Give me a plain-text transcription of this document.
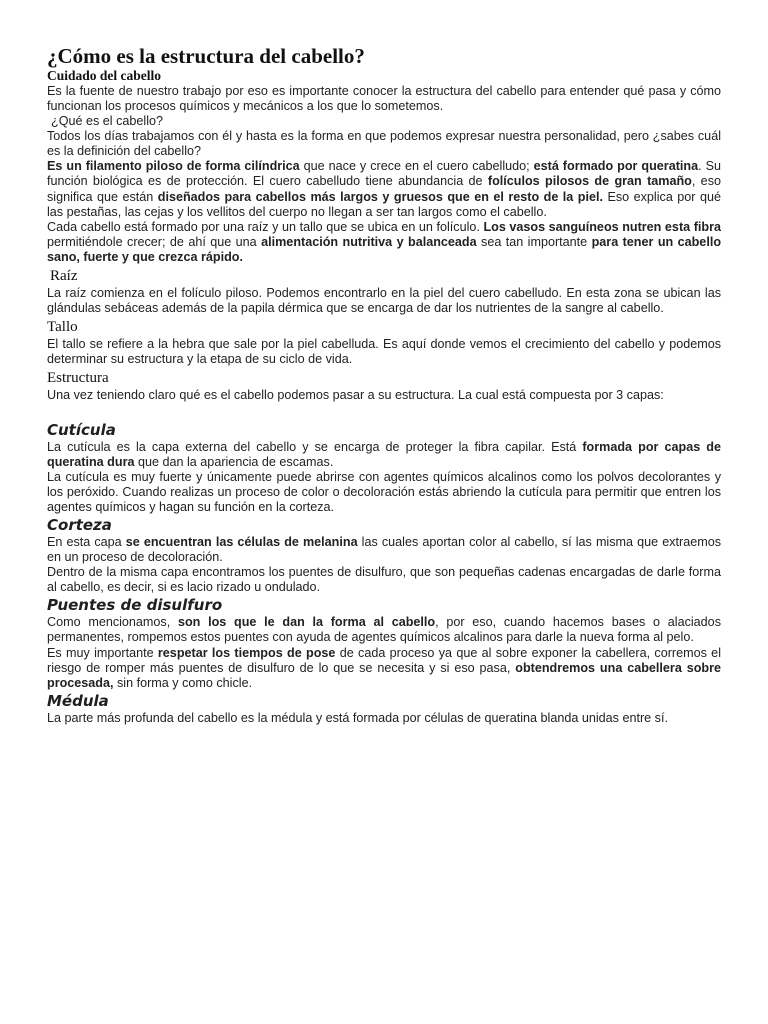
¿Cómo es la estructura del cabello?
Cuidado del cabello

Es la fuente de nuestro trabajo por eso es importante conocer la estructura del cabello para entender qué pasa y cómo funcionan los procesos químicos y mecánicos a los que lo sometemos.

¿Qué es el cabello?

Todos los días trabajamos con él y hasta es la forma en que podemos expresar nuestra personalidad, pero ¿sabes cuál es la definición del cabello?

Es un filamento piloso de forma cilíndrica que nace y crece en el cuero cabelludo; está formado por queratina. Su función biológica es de protección. El cuero cabelludo tiene abundancia de folículos pilosos de gran tamaño, eso significa que están diseñados para cabellos más largos y gruesos que en el resto de la piel. Eso explica por qué las pestañas, las cejas y los vellitos del cuerpo no llegan a ser tan largos como el cabello.

Cada cabello está formado por una raíz y un tallo que se ubica en un folículo. Los vasos sanguíneos nutren esta fibra permitiéndole crecer; de ahí que una alimentación nutritiva y balanceada sea tan importante para tener un cabello sano, fuerte y que crezca rápido.

Raíz

La raíz comienza en el folículo piloso. Podemos encontrarlo en la piel del cuero cabelludo. En esta zona se ubican las glándulas sebáceas además de la papila dérmica que se encarga de dar los nutrientes de la sangre al cabello.

Tallo

El tallo se refiere a la hebra que sale por la piel cabelluda. Es aquí donde vemos el crecimiento del cabello y podemos determinar su estructura y la etapa de su ciclo de vida.

Estructura

Una vez teniendo claro qué es el cabello podemos pasar a su estructura. La cual está compuesta por 3 capas:

Cutícula

La cutícula es la capa externa del cabello y se encarga de proteger la fibra capilar. Está formada por capas de queratina dura que dan la apariencia de escamas.

La cutícula es muy fuerte y únicamente puede abrirse con agentes químicos alcalinos como los polvos decolorantes y los peróxido. Cuando realizas un proceso de color o decoloración estás abriendo la cutícula para permitir que entren los agentes químicos y hagan su función en la corteza.

Corteza

En esta capa se encuentran las células de melanina las cuales aportan color al cabello, sí las misma que extraemos en un proceso de decoloración.

Dentro de la misma capa encontramos los puentes de disulfuro, que son pequeñas cadenas encargadas de darle forma al cabello, es decir, si es lacio rizado u ondulado.

Puentes de disulfuro

Como mencionamos, son los que le dan la forma al cabello, por eso, cuando hacemos bases o alaciados permanentes, rompemos estos puentes con ayuda de agentes químicos alcalinos para darle la nueva forma al pelo.

Es muy importante respetar los tiempos de pose de cada proceso ya que al sobre exponer la cabellera, corremos el riesgo de romper más puentes de disulfuro de lo que se necesita y si eso pasa, obtendremos una cabellera sobre procesada, sin forma y como chicle.

Médula

La parte más profunda del cabello es la médula y está formada por células de queratina blanda unidas entre sí.
